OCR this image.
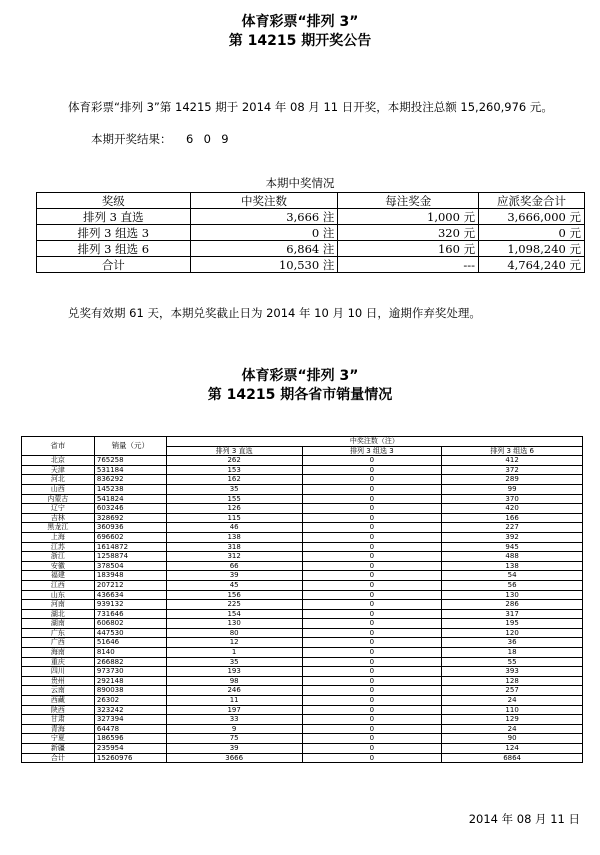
体育彩票“排列 3”
第 14215 期开奖公告
体育彩票“排列 3”第 14215 期于 2014 年 08 月 11 日开奖，本期投注总额 15,260,976 元。
本期开奖结果： 6  0  9
本期中奖情况
奖级	中奖注数	每注奖金	应派奖金合计
排列 3 直选	3,666 注	1,000 元	3,666,000 元
排列 3 组选 3	0 注	320 元	0 元
排列 3 组选 6	6,864 注	160 元	1,098,240 元
合计	10,530 注	---	4,764,240 元
兑奖有效期 61 天，本期兑奖截止日为 2014 年 10 月 10 日，逾期作弃奖处理。
体育彩票“排列 3”
第 14215 期各省市销量情况
省市	销量（元）	中奖注数（注）		
		排列 3 直选	排列 3 组选 3	排列 3 组选 6
北京	765258	262	0	412
天津	531184	153	0	372
河北	836292	162	0	289
山西	145238	35	0	99
内蒙古	541824	155	0	370
辽宁	603246	126	0	420
吉林	328692	115	0	166
黑龙江	360936	46	0	227
上海	696602	138	0	392
江苏	1614872	318	0	945
浙江	1258874	312	0	488
安徽	378504	66	0	138
福建	183948	39	0	54
江西	207212	45	0	56
山东	436634	156	0	130
河南	939132	225	0	286
湖北	731646	154	0	317
湖南	606802	130	0	195
广东	447530	80	0	120
广西	51646	12	0	36
海南	8140	1	0	18
重庆	266882	35	0	55
四川	973730	193	0	393
贵州	292148	98	0	128
云南	890038	246	0	257
西藏	26302	11	0	24
陕西	323242	197	0	110
甘肃	327394	33	0	129
青海	64478	9	0	24
宁夏	186596	75	0	90
新疆	235954	39	0	124
合计	15260976	3666	0	6864
2014 年 08 月 11 日
